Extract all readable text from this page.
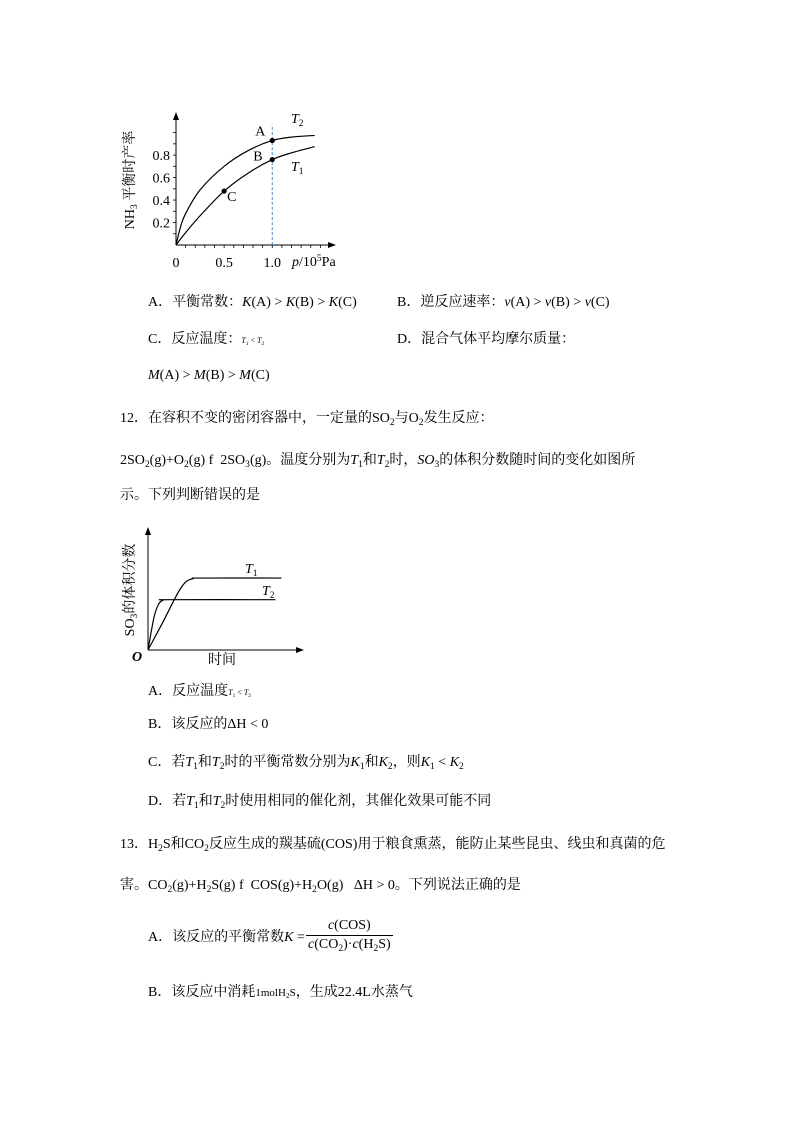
0.2
0.4
0.6
0.8
0	0.5 1.0
A
B
C
$NH_3$ 平衡时产率
$p/10^5Pa$
$T_2$
$T_1$
A．平衡常数：K(A) > K(B) > K(C)	B．逆反应速率：v(A) > v(B) > v(C)
C．反应温度：$T_1 < T_2$	D．混合气体平均摩尔质量：
M(A) > M(B) > M(C)
12．在容积不变的密闭容器中，一定量的$SO_2$与$O_2$发生反应：
$2SO_2(g)+O_2(g)$ f  $2SO_3(g)$。温度分别为$T_1$和$T_2$时，$SO_3$的体积分数随时间的变化如图所
示。下列判断错误的是
$SO_3$的体积分数
时间
O
$T_1$
$T_2$
A．反应温度$T_1 < T_2$
B．该反应的ΔH < 0
C．若$T_1$和$T_2$时的平衡常数分别为$K_1$和$K_2$，则$K_1 < K_2$
D．若$T_1$和$T_2$时使用相同的催化剂，其催化效果可能不同
13．$H_2S$和$CO_2$反应生成的羰基硫(COS)用于粮食熏蒸，能防止某些昆虫、线虫和真菌的危
害。$CO_2(g)+H_2S(g)$ f  $COS(g)+H_2O(g) \Delta H > 0$。下列说法正确的是
A．该反应的平衡常数K =
c(COS)
$c(CO_2)\cdot c(H_2S)$
B．该反应中消耗1molH$_2$S，生成22.4L水蒸气
